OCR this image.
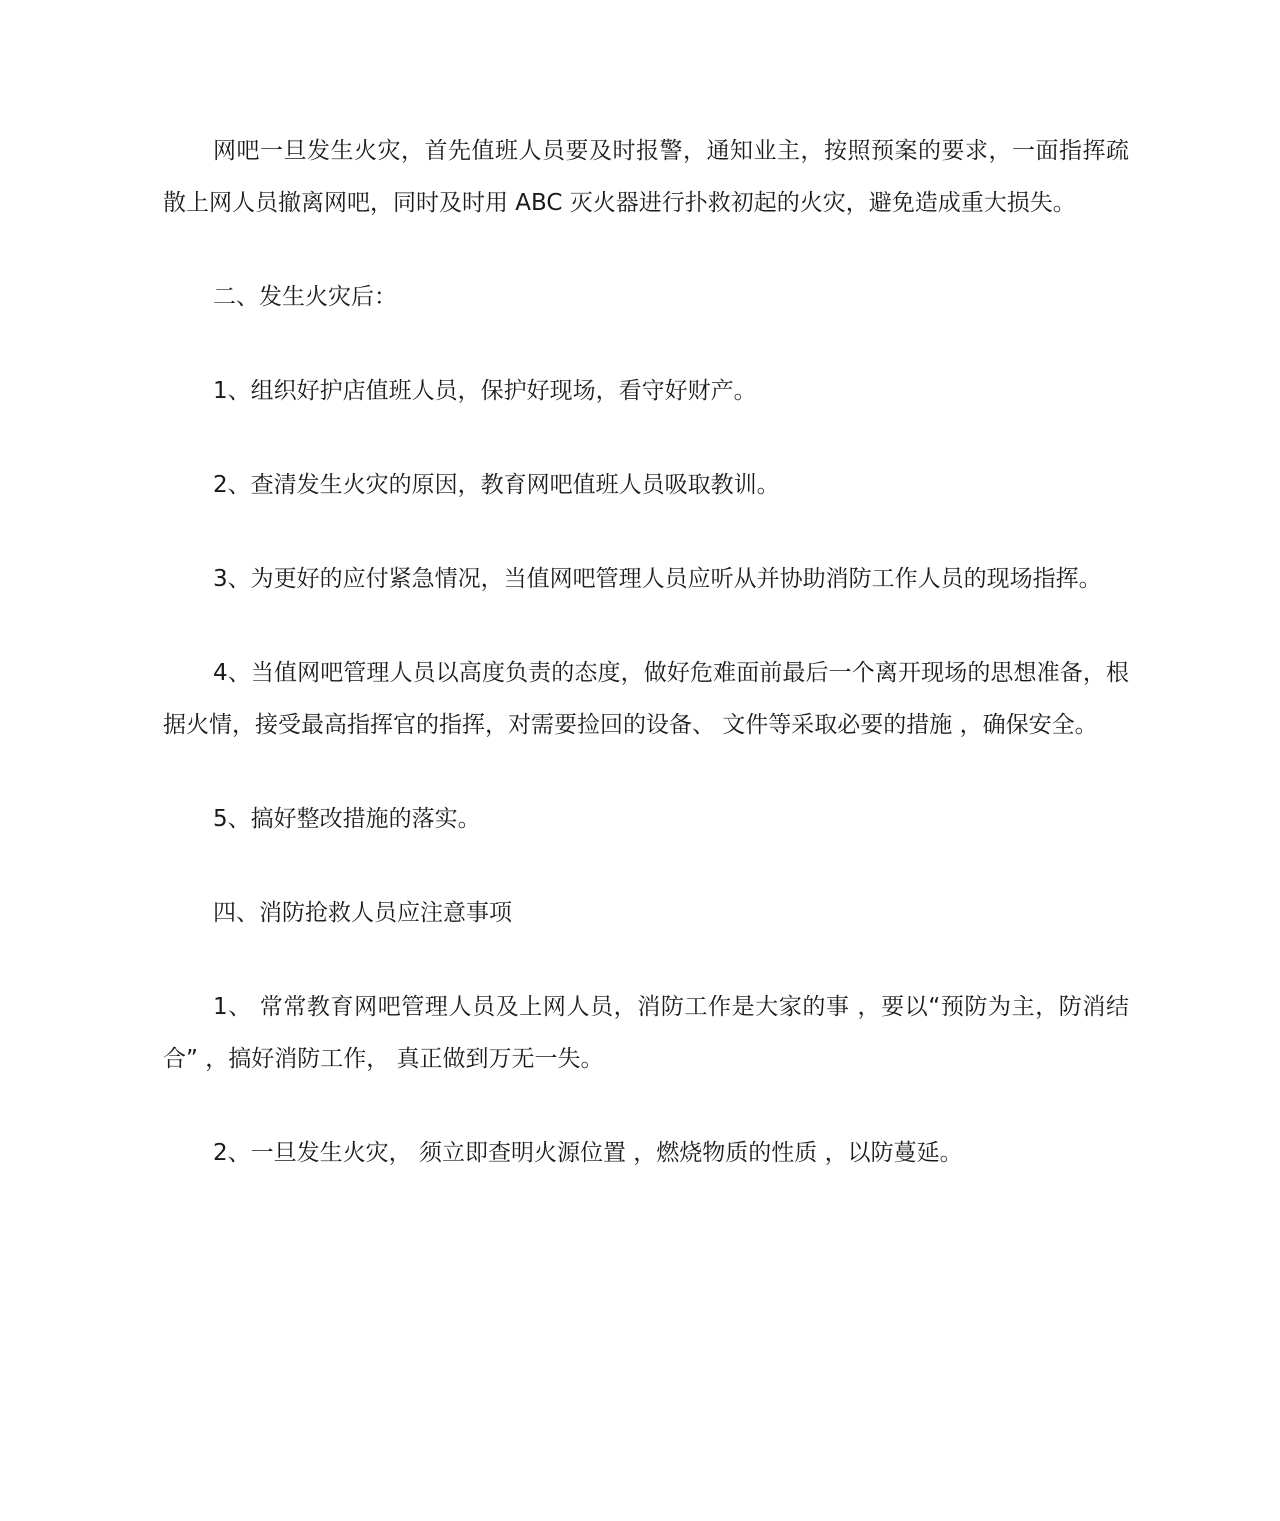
网吧一旦发生火灾，首先值班人员要及时报警，通知业主，按照预案的要求，一面指挥疏散上网人员撤离网吧，同时及时用 ABC 灭火器进行扑救初起的火灾，避免造成重大损失。

二、发生火灾后：

1、组织好护店值班人员，保护好现场，看守好财产。

2、查清发生火灾的原因，教育网吧值班人员吸取教训。

3、为更好的应付紧急情况，当值网吧管理人员应听从并协助消防工作人员的现场指挥。

4、当值网吧管理人员以高度负责的态度，做好危难面前最后一个离开现场的思想准备，根据火情，接受最高指挥官的指挥，对需要捡回的设备、 文件等采取必要的措施 ，确保安全。

5、搞好整改措施的落实。

四、消防抢救人员应注意事项

1、 常常教育网吧管理人员及上网人员，消防工作是大家的事 ，要以“预防为主，防消结合” ，搞好消防工作， 真正做到万无一失。

2、一旦发生火灾， 须立即查明火源位置 ，燃烧物质的性质 ，以防蔓延。
